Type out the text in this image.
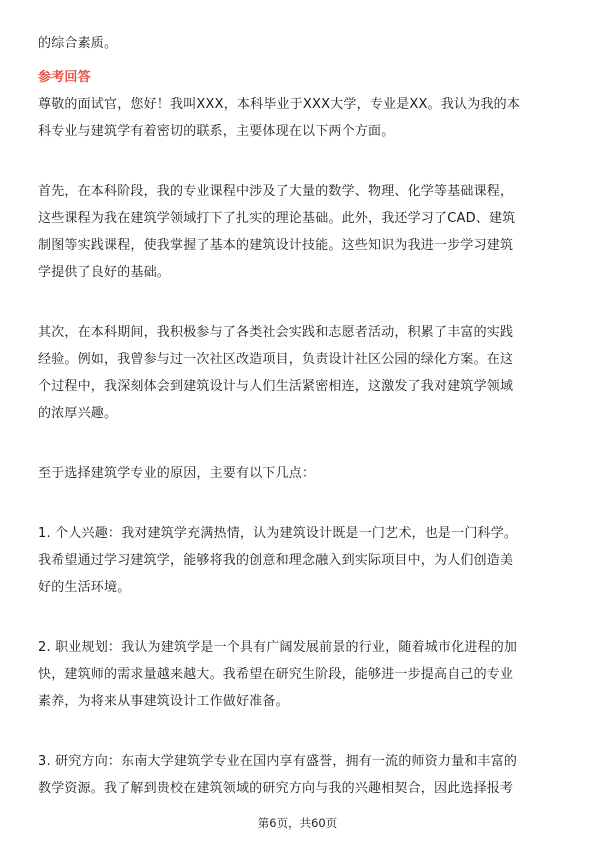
的综合素质。
参考回答
尊敬的面试官，您好！我叫XXX，本科毕业于XXX大学，专业是XX。我认为我的本
科专业与建筑学有着密切的联系，主要体现在以下两个方面。
首先，在本科阶段，我的专业课程中涉及了大量的数学、物理、化学等基础课程，
这些课程为我在建筑学领域打下了扎实的理论基础。此外，我还学习了CAD、建筑
制图等实践课程，使我掌握了基本的建筑设计技能。这些知识为我进一步学习建筑
学提供了良好的基础。
其次，在本科期间，我积极参与了各类社会实践和志愿者活动，积累了丰富的实践
经验。例如，我曾参与过一次社区改造项目，负责设计社区公园的绿化方案。在这
个过程中，我深刻体会到建筑设计与人们生活紧密相连，这激发了我对建筑学领域
的浓厚兴趣。
至于选择建筑学专业的原因，主要有以下几点：
1. 个人兴趣：我对建筑学充满热情，认为建筑设计既是一门艺术，也是一门科学。
我希望通过学习建筑学，能够将我的创意和理念融入到实际项目中，为人们创造美
好的生活环境。
2. 职业规划：我认为建筑学是一个具有广阔发展前景的行业，随着城市化进程的加
快，建筑师的需求量越来越大。我希望在研究生阶段，能够进一步提高自己的专业
素养，为将来从事建筑设计工作做好准备。
3. 研究方向：东南大学建筑学专业在国内享有盛誉，拥有一流的师资力量和丰富的
教学资源。我了解到贵校在建筑领域的研究方向与我的兴趣相契合，因此选择报考
第6页，共60页
